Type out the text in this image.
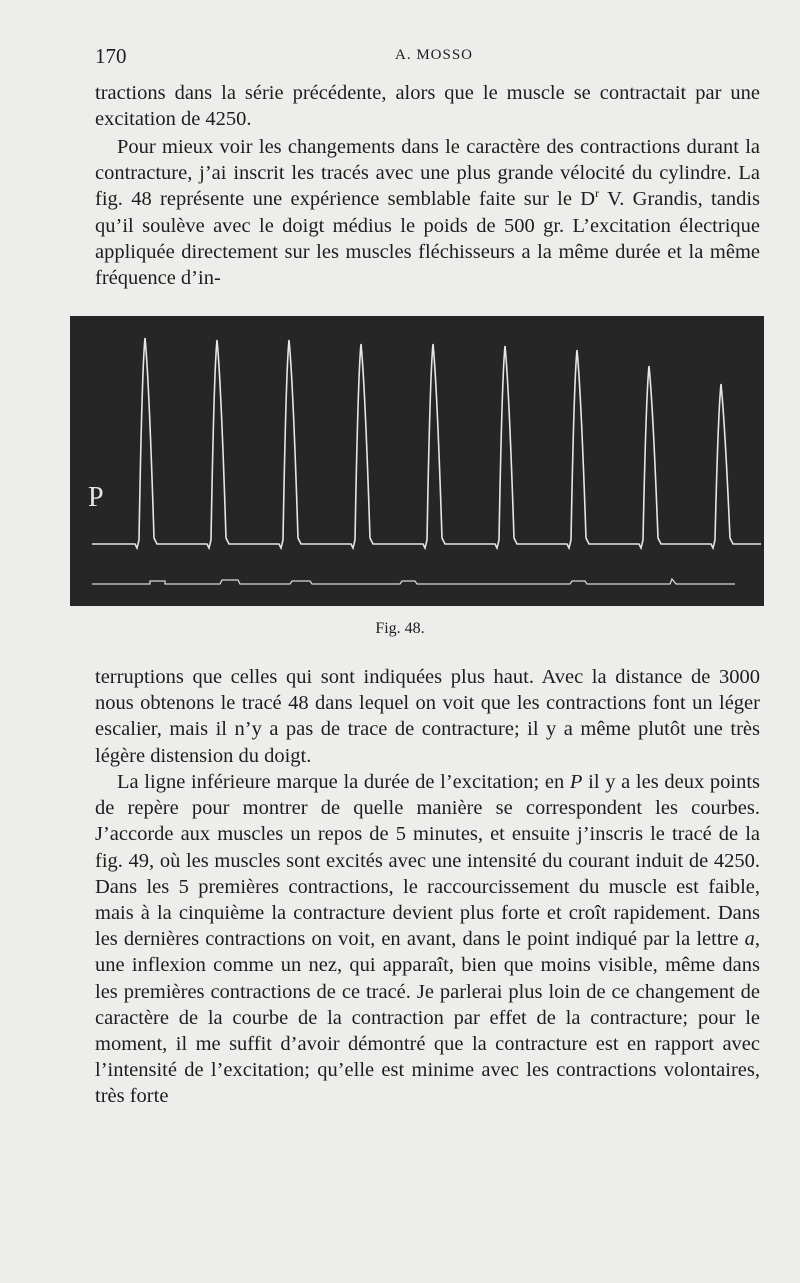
170	A. MOSSO

tractions dans la série précédente, alors que le muscle se contractait par une excitation de 4250.

Pour mieux voir les changements dans le caractère des contractions durant la contracture, j’ai inscrit les tracés avec une plus grande vélocité du cylindre. La fig. 48 représente une expérience semblable faite sur le $D^r$ V. Grandis, tandis qu’il soulève avec le doigt médius le poids de 500 gr. L’excitation électrique appliquée directement sur les muscles fléchisseurs a la même durée et la même fréquence d’in-

P
Fig. 48.

terruptions que celles qui sont indiquées plus haut. Avec la distance de 3000 nous obtenons le tracé 48 dans lequel on voit que les contractions font un léger escalier, mais il n’y a pas de trace de contracture; il y a même plutôt une très légère distension du doigt.

La ligne inférieure marque la durée de l’excitation; en P il y a les deux points de repère pour montrer de quelle manière se correspondent les courbes. J’accorde aux muscles un repos de 5 minutes, et ensuite j’inscris le tracé de la fig. 49, où les muscles sont excités avec une intensité du courant induit de 4250. Dans les 5 premières contractions, le raccourcissement du muscle est faible, mais à la cinquième la contracture devient plus forte et croît rapidement. Dans les dernières contractions on voit, en avant, dans le point indiqué par la lettre a, une inflexion comme un nez, qui apparaît, bien que moins visible, même dans les premières contractions de ce tracé. Je parlerai plus loin de ce changement de caractère de la courbe de la contraction par effet de la contracture; pour le moment, il me suffit d’avoir démontré que la contracture est en rapport avec l’intensité de l’excitation; qu’elle est minime avec les contractions volontaires, très forte
